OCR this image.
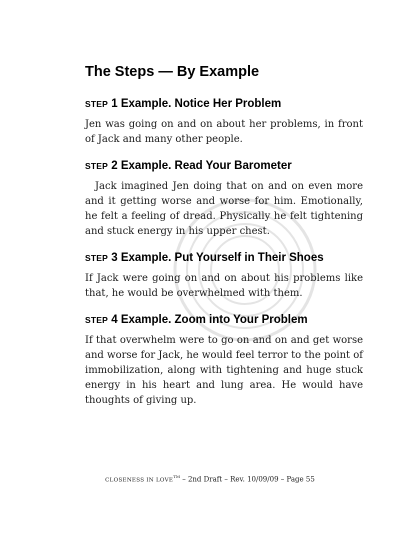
The Steps — By Example
STEP 1 Example. Notice Her Problem

Jen was going on and on about her problems, in front of Jack and many other people.

STEP 2 Example. Read Your Barometer

Jack imagined Jen doing that on and on even more and it getting worse and worse for him. Emotionally, he felt a feeling of dread. Physically he felt tightening and stuck energy in his upper chest.

STEP 3 Example. Put Yourself in Their Shoes

If Jack were going on and on about his problems like that, he would be overwhelmed with them.

STEP 4 Example. Zoom into Your Problem

If that overwhelm were to go on and on and get worse and worse for Jack, he would feel terror to the point of immobilization, along with tightening and huge stuck energy in his heart and lung area. He would have thoughts of giving up.

CLOSENESS IN LOVE™ – 2nd Draft – Rev. 10/09/09 – Page 55
